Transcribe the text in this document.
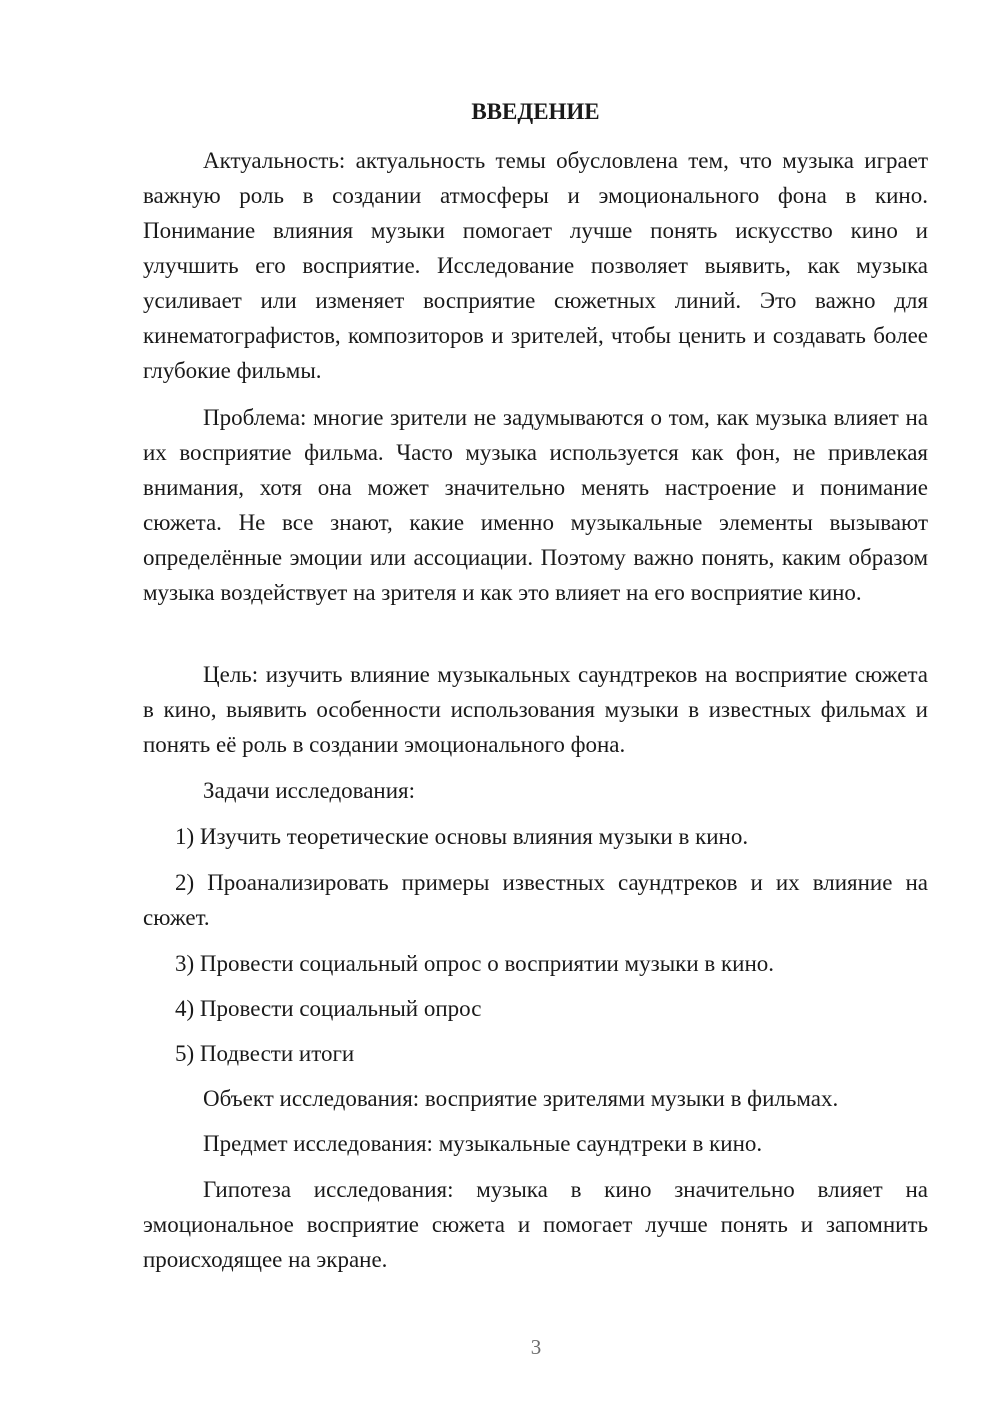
ВВЕДЕНИЕ

Актуальность: актуальность темы обусловлена тем, что музыка играет важную роль в создании атмосферы и эмоционального фона в кино. Понимание влияния музыки помогает лучше понять искусство кино и улучшить его восприятие. Исследование позволяет выявить, как музыка усиливает или изменяет восприятие сюжетных линий. Это важно для кинематографистов, композиторов и зрителей, чтобы ценить и создавать более глубокие фильмы.

Проблема: многие зрители не задумываются о том, как музыка влияет на их восприятие фильма. Часто музыка используется как фон, не привлекая внимания, хотя она может значительно менять настроение и понимание сюжета. Не все знают, какие именно музыкальные элементы вызывают определённые эмоции или ассоциации. Поэтому важно понять, каким образом музыка воздействует на зрителя и как это влияет на его восприятие кино.

Цель: изучить влияние музыкальных саундтреков на восприятие сюжета в кино, выявить особенности использования музыки в известных фильмах и понять её роль в создании эмоционального фона.

Задачи исследования:

1) Изучить теоретические основы влияния музыки в кино.

2) Проанализировать примеры известных саундтреков и их влияние на сюжет.

3) Провести социальный опрос о восприятии музыки в кино.

4) Провести социальный опрос

5) Подвести итоги

Объект исследования: восприятие зрителями музыки в фильмах.

Предмет исследования: музыкальные саундтреки в кино.

Гипотеза исследования: музыка в кино значительно влияет на эмоциональное восприятие сюжета и помогает лучше понять и запомнить происходящее на экране.

3
